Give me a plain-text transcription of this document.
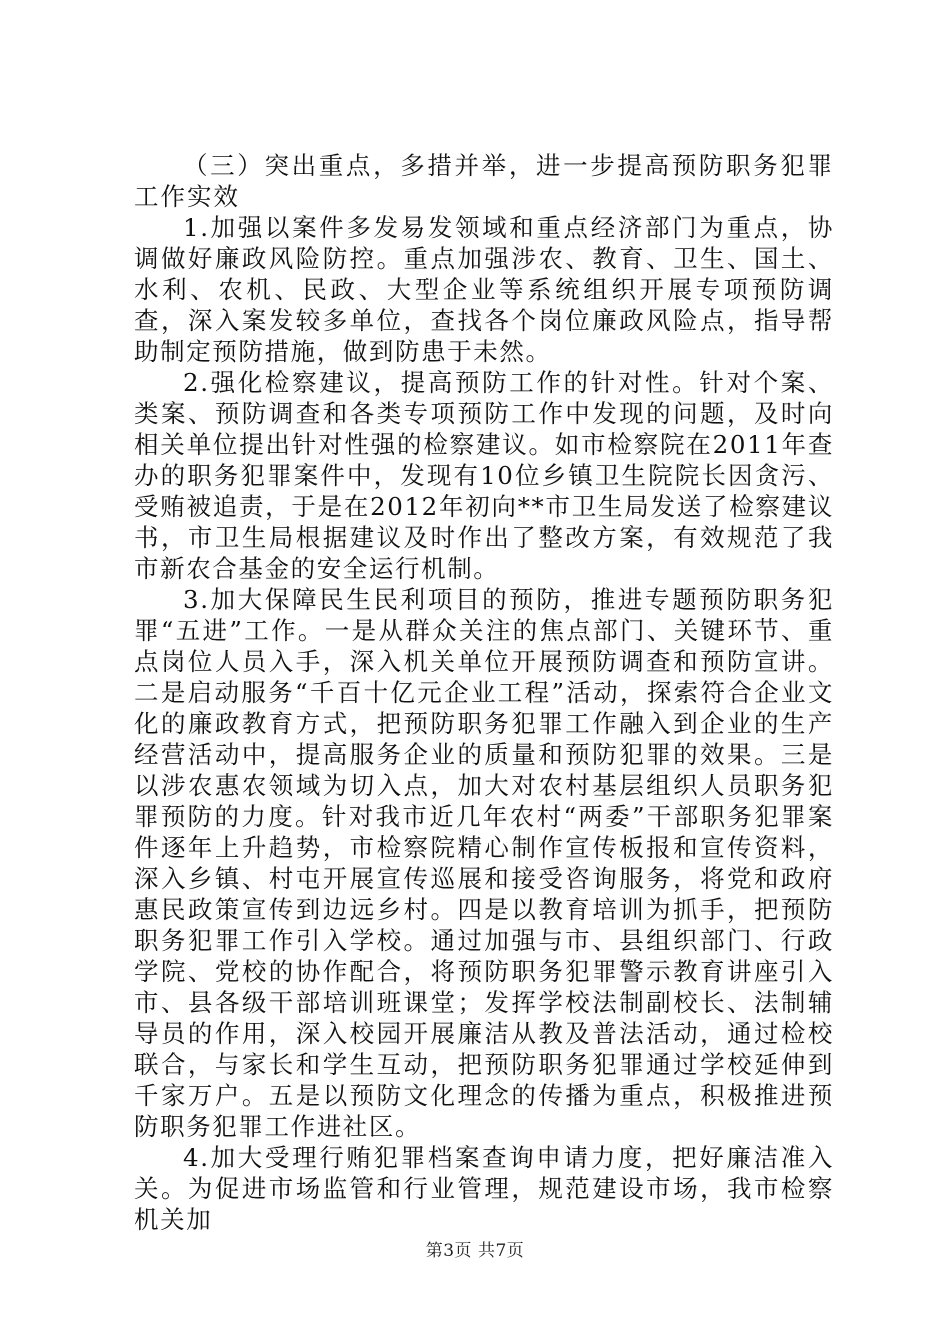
（三）突出重点，多措并举，进一步提高预防职务犯罪工作实效

1.加强以案件多发易发领域和重点经济部门为重点，协调做好廉政风险防控。重点加强涉农、教育、卫生、国土、水利、农机、民政、大型企业等系统组织开展专项预防调查，深入案发较多单位，查找各个岗位廉政风险点，指导帮助制定预防措施，做到防患于未然。

2.强化检察建议，提高预防工作的针对性。针对个案、类案、预防调查和各类专项预防工作中发现的问题，及时向相关单位提出针对性强的检察建议。如市检察院在2011年查办的职务犯罪案件中，发现有10位乡镇卫生院院长因贪污、受贿被追责，于是在2012年初向**市卫生局发送了检察建议书，市卫生局根据建议及时作出了整改方案，有效规范了我市新农合基金的安全运行机制。

3.加大保障民生民利项目的预防，推进专题预防职务犯罪“五进”工作。一是从群众关注的焦点部门、关键环节、重点岗位人员入手，深入机关单位开展预防调查和预防宣讲。二是启动服务“千百十亿元企业工程”活动，探索符合企业文化的廉政教育方式，把预防职务犯罪工作融入到企业的生产经营活动中，提高服务企业的质量和预防犯罪的效果。三是以涉农惠农领域为切入点，加大对农村基层组织人员职务犯罪预防的力度。针对我市近几年农村“两委”干部职务犯罪案件逐年上升趋势，市检察院精心制作宣传板报和宣传资料，深入乡镇、村屯开展宣传巡展和接受咨询服务，将党和政府惠民政策宣传到边远乡村。四是以教育培训为抓手，把预防职务犯罪工作引入学校。通过加强与市、县组织部门、行政学院、党校的协作配合，将预防职务犯罪警示教育讲座引入市、县各级干部培训班课堂；发挥学校法制副校长、法制辅导员的作用，深入校园开展廉洁从教及普法活动，通过检校联合，与家长和学生互动，把预防职务犯罪通过学校延伸到千家万户。五是以预防文化理念的传播为重点，积极推进预防职务犯罪工作进社区。

4.加大受理行贿犯罪档案查询申请力度，把好廉洁准入关。为促进市场监管和行业管理，规范建设市场，我市检察机关加

第3页 共7页
